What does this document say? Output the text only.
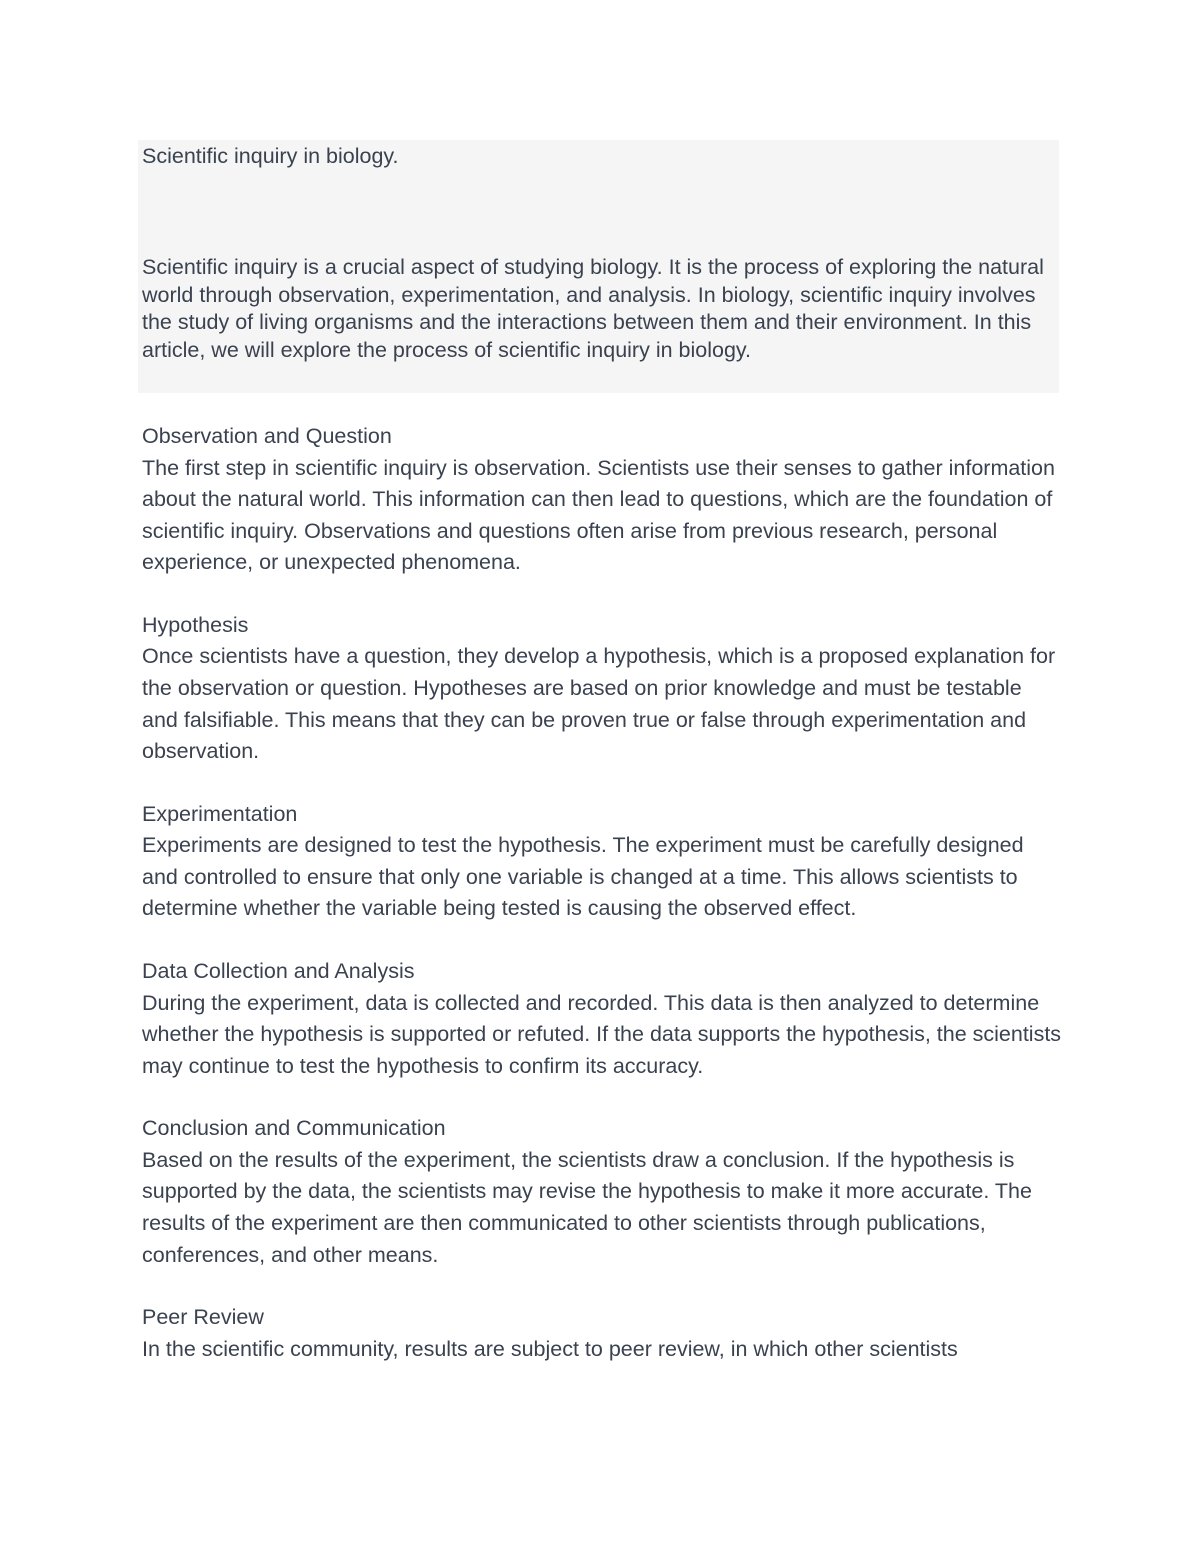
Scientific inquiry in biology.

Scientific inquiry is a crucial aspect of studying biology. It is the process of exploring the natural world through observation, experimentation, and analysis. In biology, scientific inquiry involves the study of living organisms and the interactions between them and their environment. In this article, we will explore the process of scientific inquiry in biology.

Observation and Question

The first step in scientific inquiry is observation. Scientists use their senses to gather information about the natural world. This information can then lead to questions, which are the foundation of scientific inquiry. Observations and questions often arise from previous research, personal experience, or unexpected phenomena.

Hypothesis

Once scientists have a question, they develop a hypothesis, which is a proposed explanation for the observation or question. Hypotheses are based on prior knowledge and must be testable and falsifiable. This means that they can be proven true or false through experimentation and observation.

Experimentation

Experiments are designed to test the hypothesis. The experiment must be carefully designed and controlled to ensure that only one variable is changed at a time. This allows scientists to determine whether the variable being tested is causing the observed effect.

Data Collection and Analysis

During the experiment, data is collected and recorded. This data is then analyzed to determine whether the hypothesis is supported or refuted. If the data supports the hypothesis, the scientists may continue to test the hypothesis to confirm its accuracy.

Conclusion and Communication

Based on the results of the experiment, the scientists draw a conclusion. If the hypothesis is supported by the data, the scientists may revise the hypothesis to make it more accurate. The results of the experiment are then communicated to other scientists through publications, conferences, and other means.

Peer Review

In the scientific community, results are subject to peer review, in which other scientists
